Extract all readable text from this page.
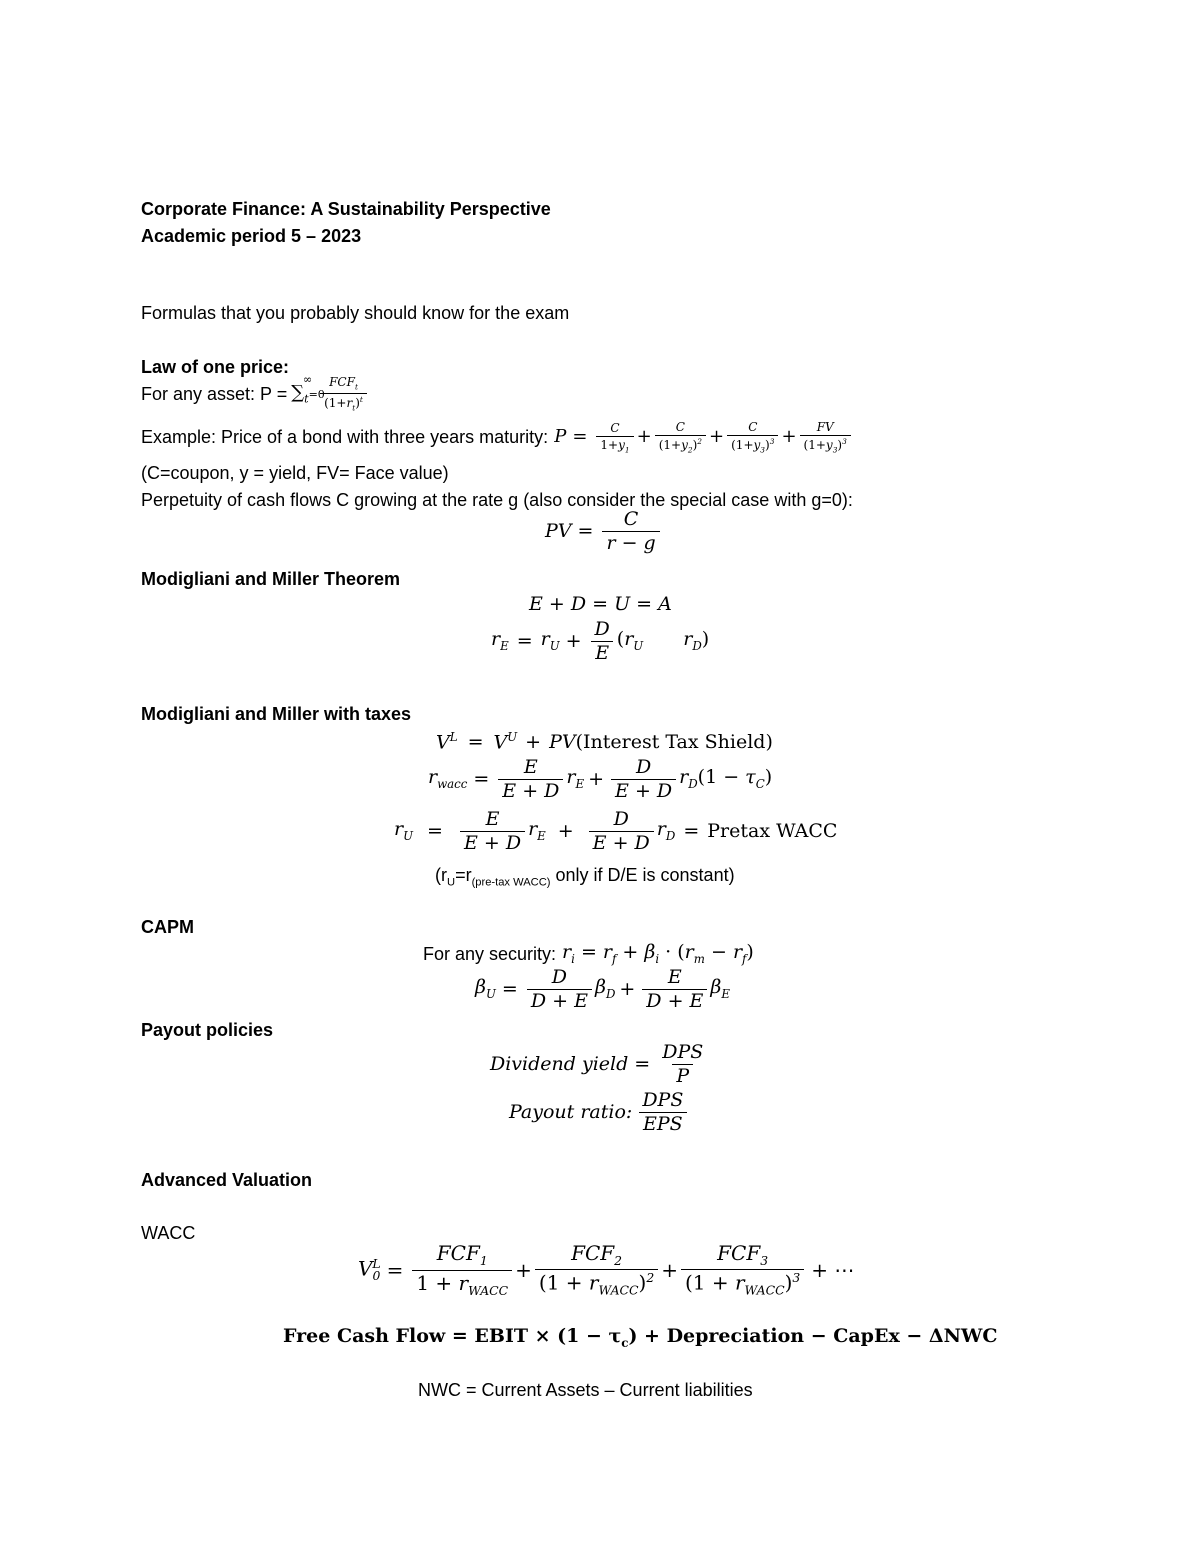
Corporate Finance: A Sustainability Perspective
Academic period 5 – 2023
Formulas that you probably should know for the exam
Law of one price:
For any asset: $P = \sum_t=0^\infty \frac{FCF_t}{(1+r_t)^t}$
Example: Price of a bond with three years maturity: $P = \frac{C}{1+y_1} + \frac{C}{(1+y_2)^2} + \frac{C}{(1+y_3)^3} + \frac{FV}{(1+y_3)^3}$
(C=coupon, y = yield, FV= Face value)
Perpetuity of cash flows C growing at the rate g (also consider the special case with g=0):
PV = $\frac{C}{r - g}$
Modigliani and Miller Theorem
E + D = U = A
$r_E = r_U + \frac{D}{E} (r_U$ $r_D$)
Modigliani and Miller with taxes
$V^L = V^U$ + PV (Interest Tax Shield)
$r_{wacc} = \frac{E}{E + D} r_E + \frac{D}{E + D} r_D(1 - \tau_C)$
$r_U = \frac{E}{E + D} r_E + \frac{D}{E + D} r_D$ = Pretax WACC
($r_U=r_{(pre-tax WACC)}$ only if D/E is constant)
CAPM
For any security: $r_i = r_f + \beta_i \cdot (r_m - r_f)$
$\beta_U = \frac{D}{D + E} \beta_D + \frac{E}{D + E} \beta_E$
Payout policies
Dividend yield = $\frac{\text{DPS}}{P}$
Payout ratio: $\frac{\text{DPS}}{\text{EPS}}$
Advanced Valuation
WACC
$V_0^L = \frac{FCF_1}{1 + r_{WACC}} + \frac{FCF_2}{(1 + r_{WACC})^2} + \frac{FCF_3}{(1 + r_{WACC})^3}$ + ⋯
Free Cash Flow = EBIT × $(1 - \tau_c)$ + Depreciation − CapEx − ΔNWC
NWC = Current Assets – Current liabilities
